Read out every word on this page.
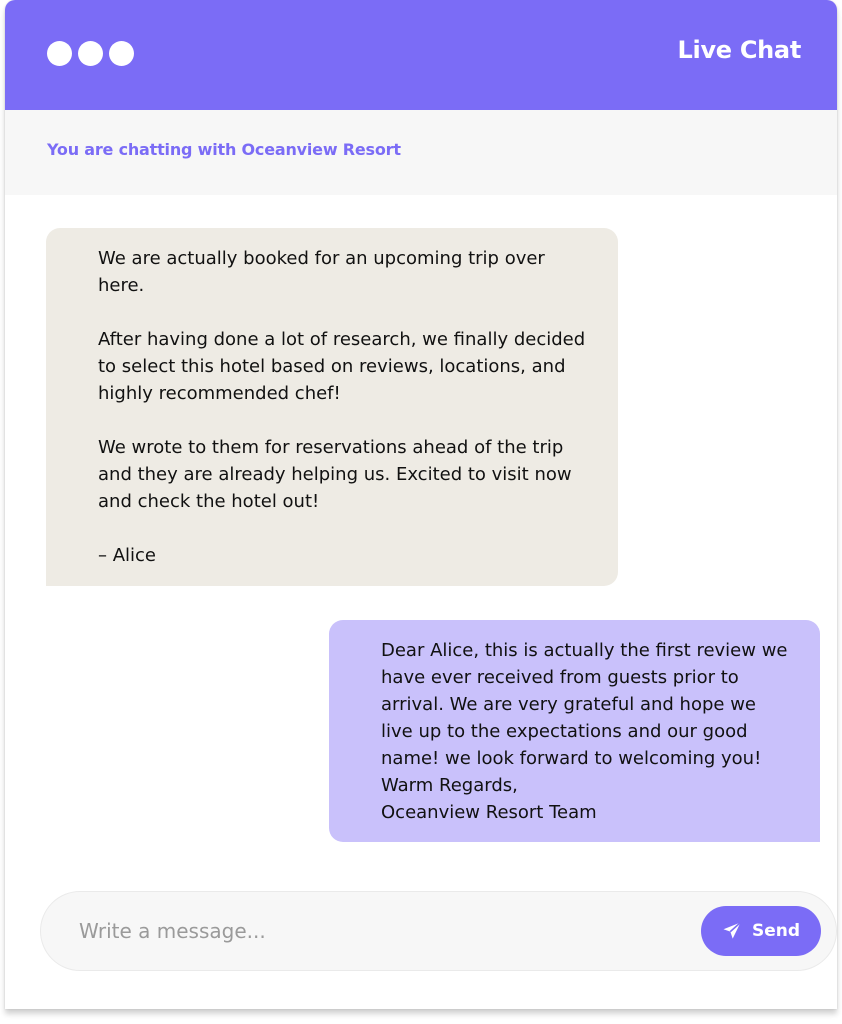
Live Chat
You are chatting with Oceanview Resort
We are actually booked for an upcoming trip over
here.

After having done a lot of research, we finally decided
to select this hotel based on reviews, locations, and
highly recommended chef!

We wrote to them for reservations ahead of the trip
and they are already helping us. Excited to visit now
and check the hotel out!

– Alice
Dear Alice, this is actually the first review we
have ever received from guests prior to
arrival. We are very grateful and hope we
live up to the expectations and our good
name! we look forward to welcoming you!
Warm Regards,
Oceanview Resort Team
Write a message...
Send
